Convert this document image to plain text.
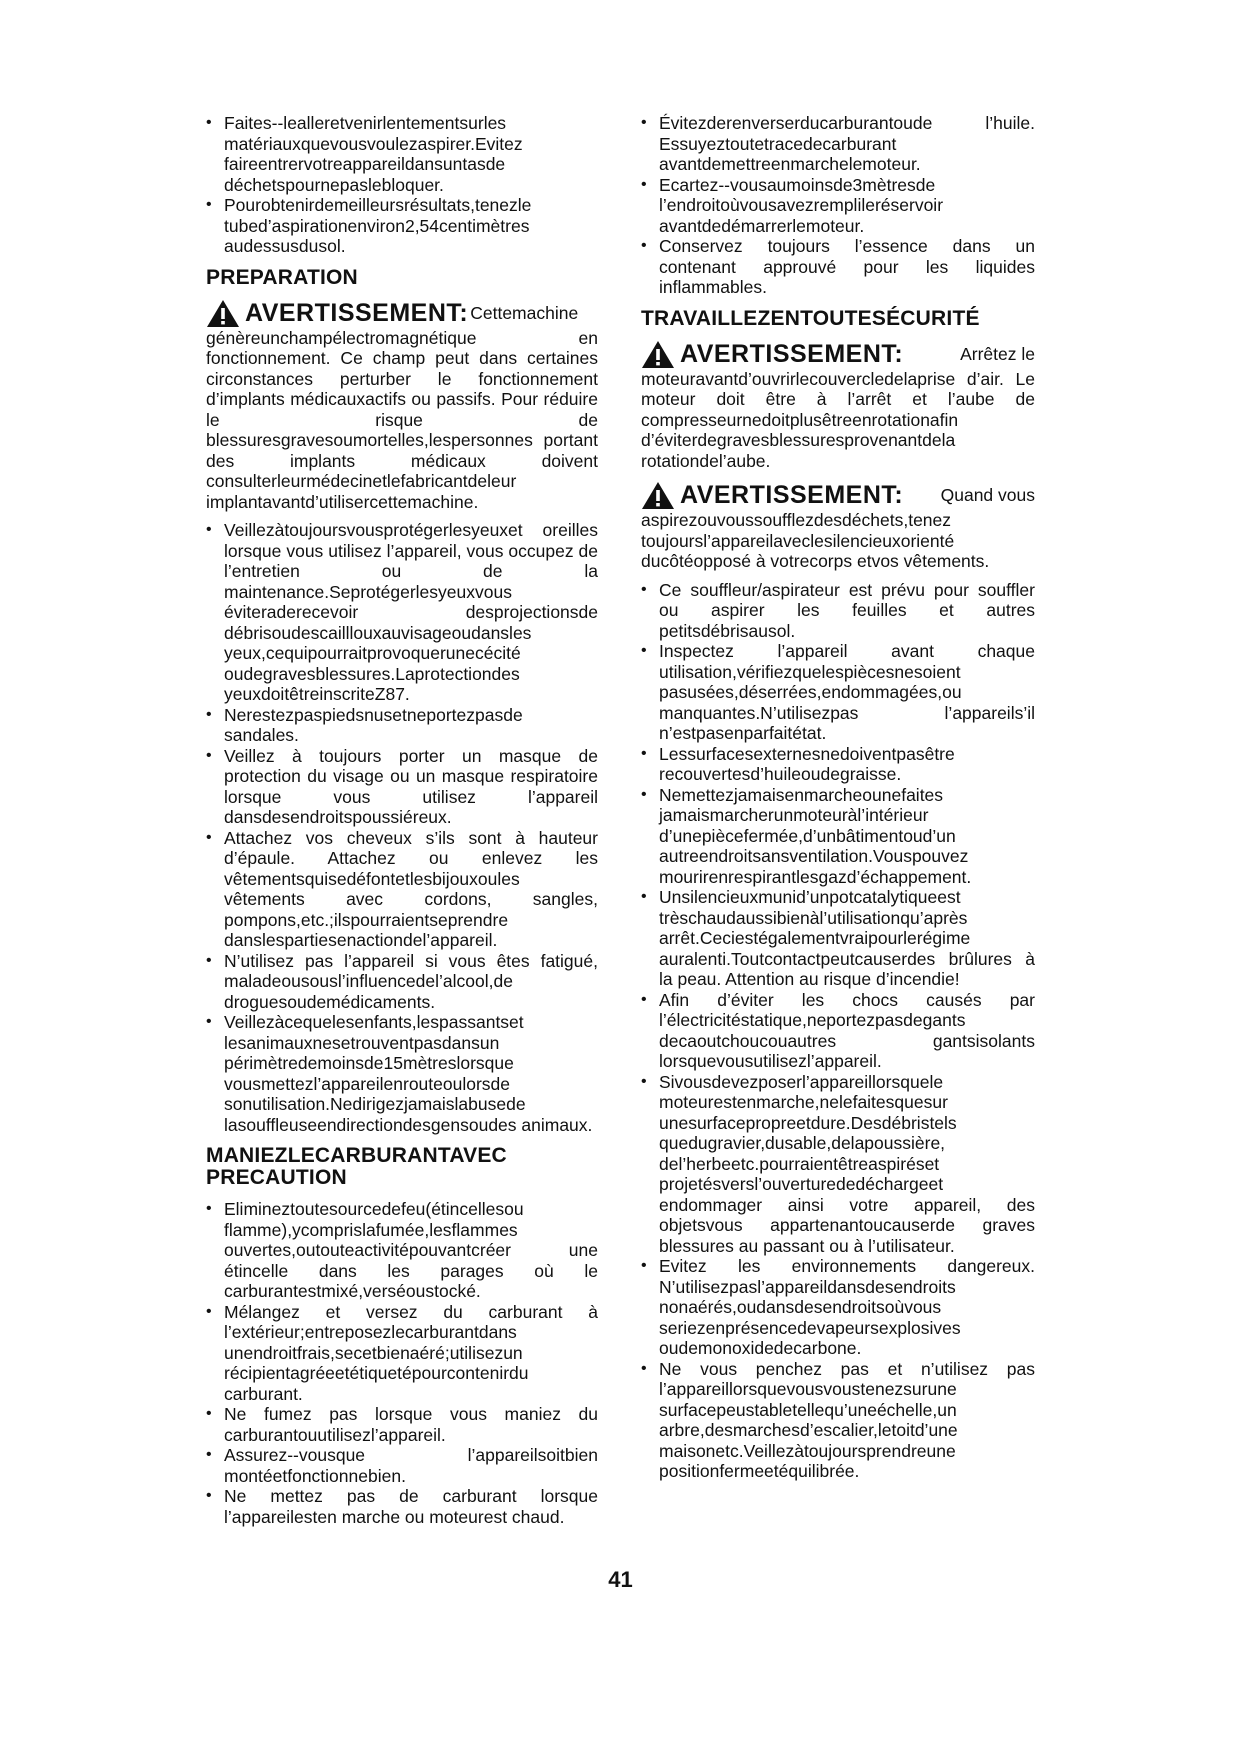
• Faites--lealleretvenirlentementsurles matériauxquevousvoulezaspirer.Evitez faireentrervotreappareildansuntasde déchetspournepaslebloquer.
• Pourobtenirdemeilleursrésultats,tenezle tubed’aspirationenviron2,54centimètres audessusdusol.
PREPARATION
AVERTISSEMENT: Cettemachine
génèreunchampélectromagnétique en fonctionnement. Ce champ peut dans certaines circonstances perturber le fonctionnement d’implants médicauxactifs ou passifs. Pour réduire le risque de blessuresgravesoumortelles,lespersonnes portant des implants médicaux doivent consulterleurmédecinetlefabricantdeleur implantavantd’utilisercettemachine.
• Veillezàtoujoursvousprotégerlesyeuxet oreilles lorsque vous utilisez l’appareil, vous occupez de l’entretien ou de la maintenance.Seprotégerlesyeuxvous éviteraderecevoir desprojectionsde débrisoudescailllouxauvisageoudansles yeux,cequipourraitprovoquerunecécité oudegravesblessures.Laprotectiondes yeuxdoitêtreinscriteZ87.
• Nerestezpaspiedsnusetneportezpasde sandales.
• Veillez à toujours porter un masque de protection du visage ou un masque respiratoire lorsque vous utilisez l’appareil dansdesendroitspoussiéreux.
• Attachez vos cheveux s’ils sont à hauteur d’épaule. Attachez ou enlevez les vêtementsquisedéfontetlesbijouxoules vêtements avec cordons, sangles, pompons,etc.;ilspourraientseprendre danslespartiesenactiondel’appareil.
• N’utilisez pas l’appareil si vous êtes fatigué, maladeousousl’influencedel’alcool,de droguesoudemédicaments.
• Veillezàcequelesenfants,lespassantset lesanimauxnesetrouventpasdansun périmètredemoinsde15mètreslorsque vousmettezl’appareilenrouteoulorsde sonutilisation.Nedirigezjamaislabusede lasouffleuseendirectiondesgensoudes animaux.
MANIEZLECARBURANTAVEC PRECAUTION
• Elimineztoutesourcedefeu(étincellesou flamme),ycomprislafumée,lesflammes ouvertes,outouteactivitépouvantcréer une étincelle dans les parages où le carburantestmixé,verséoustocké.
• Mélangez et versez du carburant à l’extérieur;entreposezlecarburantdans unendroitfrais,secetbienaéré;utilisezun récipientagréeetétiquetépourcontenirdu carburant.
• Ne fumez pas lorsque vous maniez du carburantouutilisezl’appareil.
• Assurez--vousque l’appareilsoitbien montéetfonctionnebien.
• Ne mettez pas de carburant lorsque l’appareilesten marche ou moteurest chaud.
• Évitezderenverserducarburantoude l’huile. Essuyeztoutetracedecarburant avantdemettreenmarchelemoteur.
• Ecartez--vousaumoinsde3mètresde l’endroitoùvousavezremplileréservoir avantdedémarrerlemoteur.
• Conservez toujours l’essence dans un contenant approuvé pour les liquides inflammables.
TRAVAILLEZENTOUTESÉCURITÉ
AVERTISSEMENT:	Arrêtez le
moteuravantd’ouvrirlecouvercledelaprise d’air. Le moteur doit être à l’arrêt et l’aube de compresseurnedoitplusêtreenrotationafin d’éviterdegravesblessuresprovenantdela rotationdel’aube.
AVERTISSEMENT: Quand vous
aspirezouvoussoufflezdesdéchets,tenez toujoursl’appareilaveclesilencieuxorienté ducôtéopposé à votrecorps etvos vêtements.
• Ce souffleur/aspirateur est prévu pour souffler ou aspirer les feuilles et autres petitsdébrisausol.
• Inspectez l’appareil avant chaque utilisation,vérifiezquelespiècesnesoient pasusées,déserrées,endommagées,ou manquantes.N’utilisezpas l’appareils’il n’estpasenparfaitétat.
• Lessurfacesexternesnedoiventpasêtre recouvertesd’huileoudegraisse.
• Nemettezjamaisenmarcheounefaites jamaismarcherunmoteuràl’intérieur d’unepiècefermée,d’unbâtimentoud’un autreendroitsansventilation.Vouspouvez mourirenrespirantlesgazd’échappement.
• Unsilencieuxmunid’unpotcatalytiqueest trèschaudaussibienàl’utilisationqu’après arrêt.Ceciestégalementvraipourlerégime auralenti.Toutcontactpeutcauserdes brûlures à la peau. Attention au risque d’incendie!
• Afin d’éviter les chocs causés par l’électricitéstatique,neportezpasdegants decaoutchoucouautres gantsisolants lorsquevousutilisezl’appareil.
• Sivousdevezposerl’appareillorsquele moteurestenmarche,nelefaitesquesur unesurfacepropreetdure.Desdébristels quedugravier,dusable,delapoussière, del’herbeetc.pourraientêtreaspiréset projetésversl’ouverturededéchargeet endommager ainsi votre appareil, des objetsvous appartenantoucauserde graves blessures au passant ou à l’utilisateur.
• Evitez les environnements dangereux. N’utilisezpasl’appareildansdesendroits nonaérés,oudansdesendroitsoùvous seriezenprésencedevapeursexplosives oudemonoxidedecarbone.
• Ne vous penchez pas et n’utilisez pas l’appareillorsquevousvoustenezsurune surfacepeustabletellequ’uneéchelle,un arbre,desmarchesd’escalier,letoitd’une maisonetc.Veillezàtoujoursprendreune positionfermeetéquilibrée.
41
